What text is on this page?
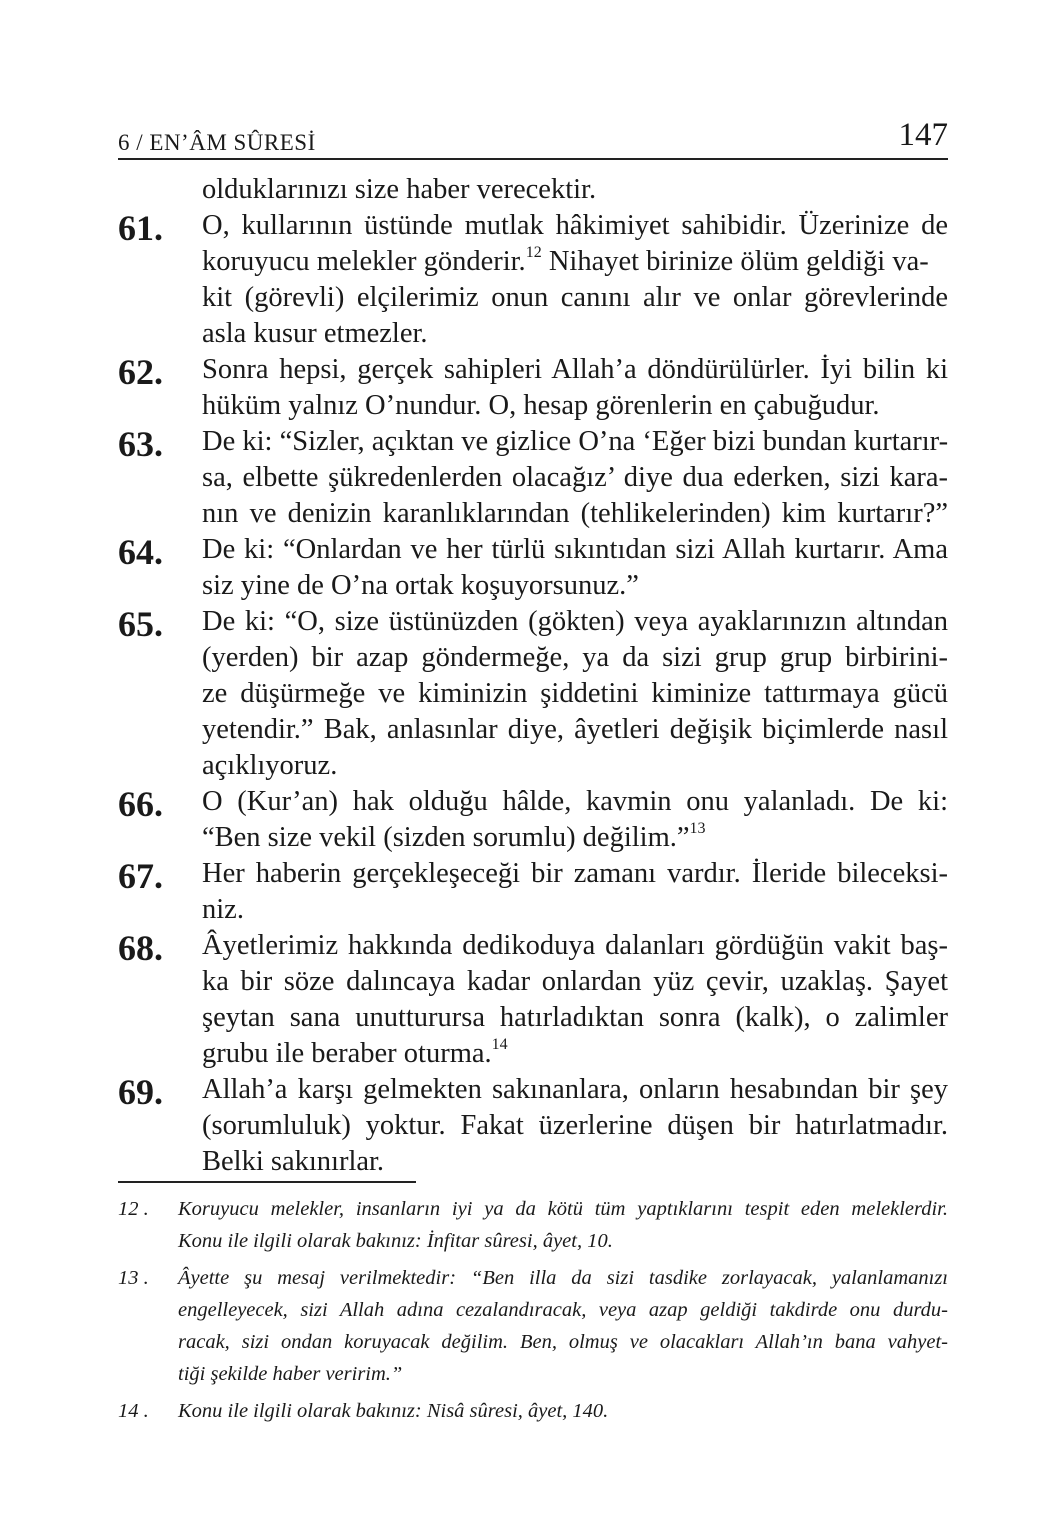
6 / EN’ÂM SÛRESİ	147
olduklarınızı size haber verecektir.
61. O, kullarının üstünde mutlak hâkimiyet sahibidir. Üzerinize de
koruyucu melekler gönderir.$^{12}$ Nihayet birinize ölüm geldiği va-
kit (görevli) elçilerimiz onun canını alır ve onlar görevlerinde
asla kusur etmezler.
62. Sonra hepsi, gerçek sahipleri Allah’a döndürülürler. İyi bilin ki
hüküm yalnız O’nundur. O, hesap görenlerin en çabuğudur.
63. De ki: “Sizler, açıktan ve gizlice O’na ‘Eğer bizi bundan kurtarır-
sa, elbette şükredenlerden olacağız’ diye dua ederken, sizi kara-
nın ve denizin karanlıklarından (tehlikelerinden) kim kurtarır?”
64. De ki: “Onlardan ve her türlü sıkıntıdan sizi Allah kurtarır. Ama
siz yine de O’na ortak koşuyorsunuz.”
65. De ki: “O, size üstünüzden (gökten) veya ayaklarınızın altından
(yerden) bir azap göndermeğe, ya da sizi grup grup birbirini-
ze düşürmeğe ve kiminizin şiddetini kiminize tattırmaya gücü
yetendir.” Bak, anlasınlar diye, âyetleri değişik biçimlerde nasıl
açıklıyoruz.
66. O (Kur’an) hak olduğu hâlde, kavmin onu yalanladı. De ki:
“Ben size vekil (sizden sorumlu) değilim.”$^{13}$
67. Her haberin gerçekleşeceği bir zamanı vardır. İleride bileceksi-
niz.
68. Âyetlerimiz hakkında dedikoduya dalanları gördüğün vakit baş-
ka bir söze dalıncaya kadar onlardan yüz çevir, uzaklaş. Şayet
şeytan sana unutturursa hatırladıktan sonra (kalk), o zalimler
grubu ile beraber oturma.$^{14}$
69. Allah’a karşı gelmekten sakınanlara, onların hesabından bir şey
(sorumluluk) yoktur. Fakat üzerlerine düşen bir hatırlatmadır.
Belki sakınırlar.
12 . Koruyucu melekler, insanların iyi ya da kötü tüm yaptıklarını tespit eden meleklerdir.
Konu ile ilgili olarak bakınız: İnfitar sûresi, âyet, 10.
13 . Âyette şu mesaj verilmektedir: “Ben illa da sizi tasdike zorlayacak, yalanlamanızı
engelleyecek, sizi Allah adına cezalandıracak, veya azap geldiği takdirde onu durdu-
racak, sizi ondan koruyacak değilim. Ben, olmuş ve olacakları Allah’ın bana vahyet-
tiği şekilde haber veririm.”
14 . Konu ile ilgili olarak bakınız: Nisâ sûresi, âyet, 140.
